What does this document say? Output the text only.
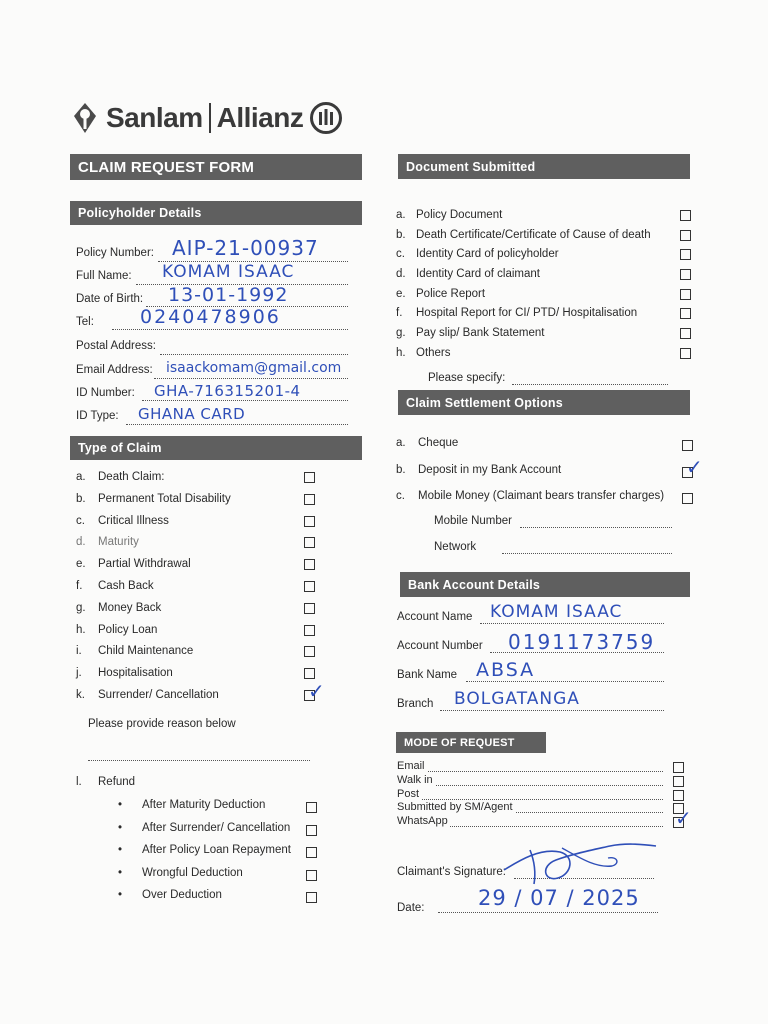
Sanlam Allianz
CLAIM REQUEST FORM
Policyholder Details
Policy Number: AIP-21-00937
Full Name: KOMAM ISAAC
Date of Birth: 13-01-1992
Tel: 0240478906
Postal Address:
Email Address: isaackomam@gmail.com
ID Number: GHA-716315201-4
ID Type: GHANA CARD
Type of Claim
a. Death Claim:
b. Permanent Total Disability
c. Critical Illness
d. Maturity
e. Partial Withdrawal
f. Cash Back
g. Money Back
h. Policy Loan
i. Child Maintenance
j. Hospitalisation
k. Surrender/ Cancellation	✓
Please provide reason below
l. Refund
• After Maturity Deduction
• After Surrender/ Cancellation
• After Policy Loan Repayment
• Wrongful Deduction
• Over Deduction
Document Submitted
a. Policy Document
b. Death Certificate/Certificate of Cause of death
c. Identity Card of policyholder
d. Identity Card of claimant
e. Police Report
f. Hospital Report for CI/ PTD/ Hospitalisation
g. Pay slip/ Bank Statement
h. Others
Please specify:
Claim Settlement Options
a. Cheque
b. Deposit in my Bank Account	✓
c. Mobile Money (Claimant bears transfer charges)
Mobile Number
Network
Bank Account Details
Account Name KOMAM ISAAC
Account Number 0191173759
Bank Name ABSA
Branch BOLGATANGA
MODE OF REQUEST
Email
Walk in
Post
Submitted by SM/Agent
WhatsApp	✓
Claimant's Signature:
Date:	29 / 07 / 2025
